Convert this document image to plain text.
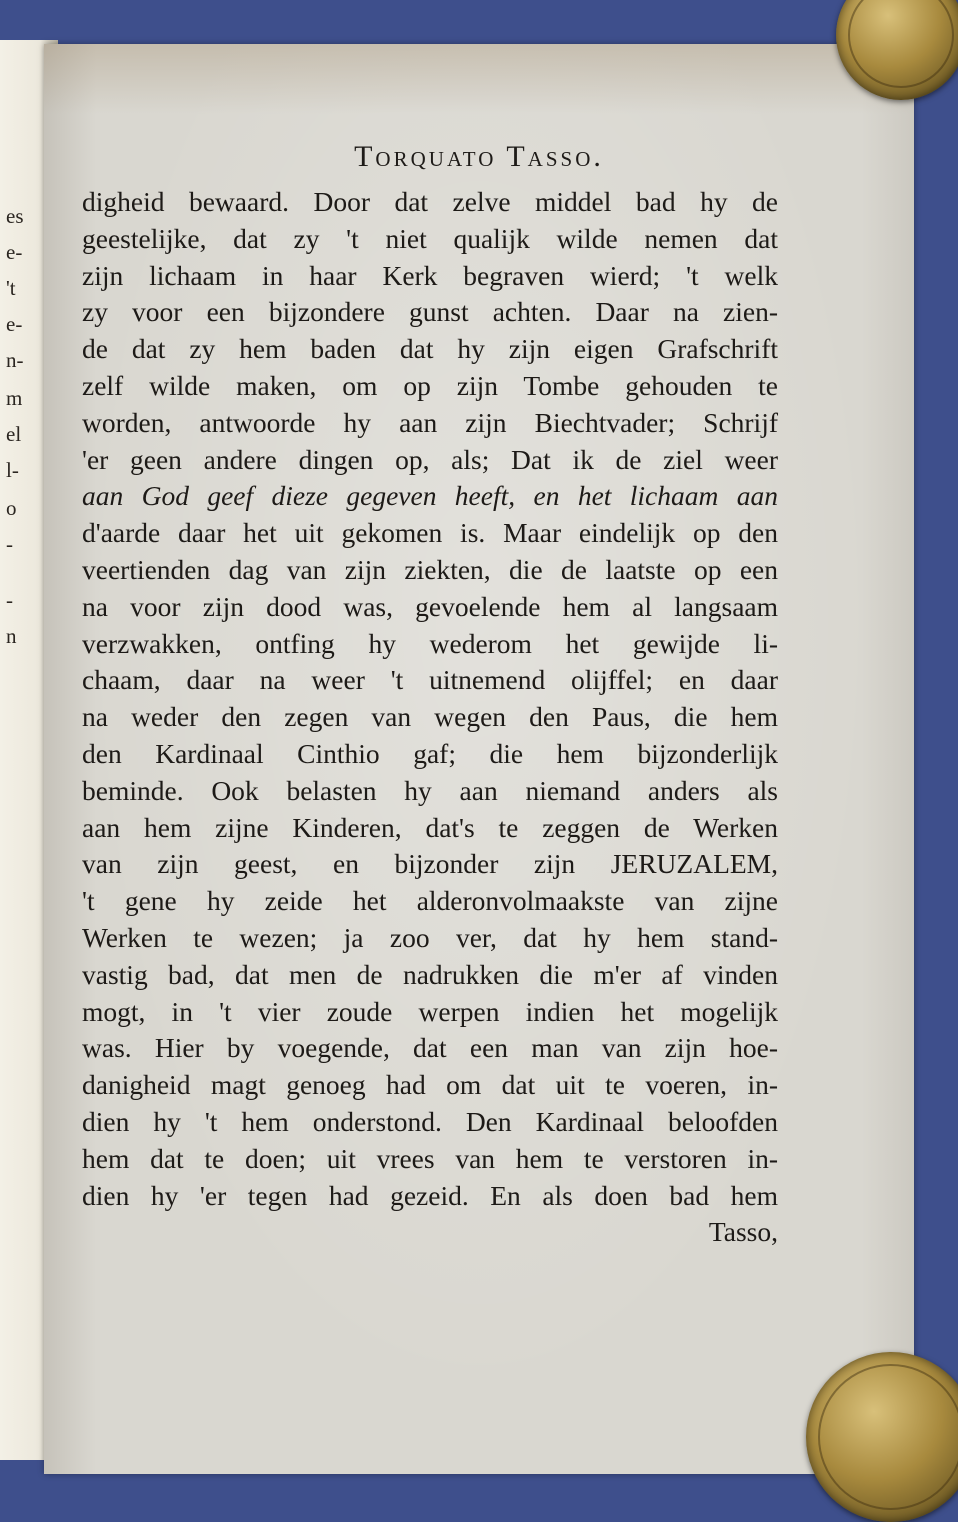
es
e-
't
e-
n-
m
el
l-
o
-
-
n
Torquato Tasso.
digheid bewaard. Door dat zelve middel bad hy de
geestelijke, dat zy 't niet qualijk wilde nemen dat
zijn lichaam in haar Kerk begraven wierd; 't welk
zy voor een bijzondere gunst achten. Daar na zien-
de dat zy hem baden dat hy zijn eigen Grafschrift
zelf wilde maken, om op zijn Tombe gehouden te
worden, antwoorde hy aan zijn Biechtvader; Schrijf
'er geen andere dingen op, als; Dat ik de ziel weer
aan God geef dieze gegeven heeft, en het lichaam aan
d'aarde daar het uit gekomen is. Maar eindelijk op den
veertienden dag van zijn ziekten, die de laatste op een
na voor zijn dood was, gevoelende hem al langsaam
verzwakken, ontfing hy wederom het gewijde li-
chaam, daar na weer 't uitnemend olijffel; en daar
na weder den zegen van wegen den Paus, die hem
den Kardinaal Cinthio gaf; die hem bijzonderlijk
beminde. Ook belasten hy aan niemand anders als
aan hem zijne Kinderen, dat's te zeggen de Werken
van zijn geest, en bijzonder zijn JERUZALEM,
't gene hy zeide het alderonvolmaakste van zijne
Werken te wezen; ja zoo ver, dat hy hem stand-
vastig bad, dat men de nadrukken die m'er af vinden
mogt, in 't vier zoude werpen indien het mogelijk
was. Hier by voegende, dat een man van zijn hoe-
danigheid magt genoeg had om dat uit te voeren, in-
dien hy 't hem onderstond. Den Kardinaal beloofden
hem dat te doen; uit vrees van hem te verstoren in-
dien hy 'er tegen had gezeid. En als doen bad hem
Tasso,
